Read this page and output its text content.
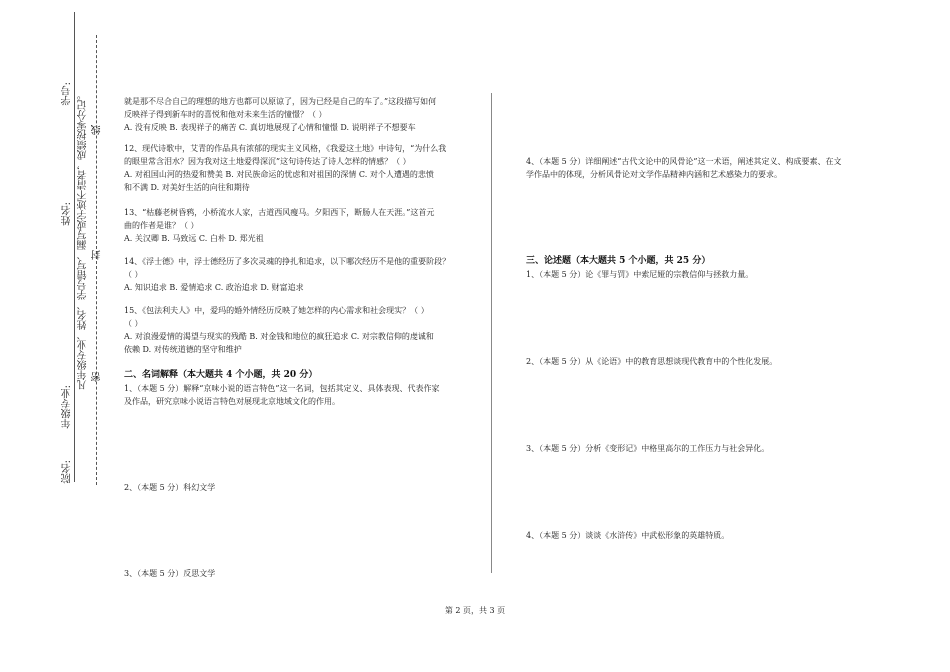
学号:
姓名:
年级专业:
院名:
凡年级专业、姓名、学号错写、漏写或字迹不清者，成绩按零分记。 密
封
线

就是那不尽合自己的理想的地方也都可以原谅了，因为已经是自己的车了。”这段描写如何

反映祥子得到新车时的喜悦和他对未来生活的憧憬？（ ）

A. 没有反映 B. 表现祥子的痛苦 C. 真切地展现了心情和憧憬 D. 说明祥子不想要车

12、现代诗歌中，艾青的作品具有浓郁的现实主义风格，《我爱这土地》中诗句，“为什么我

的眼里常含泪水？因为我对这土地爱得深沉”这句诗传达了诗人怎样的情感？（ ）

A. 对祖国山河的热爱和赞美 B. 对民族命运的忧虑和对祖国的深情 C. 对个人遭遇的悲愤

和不满 D. 对美好生活的向往和期待

13、“枯藤老树昏鸦，小桥流水人家，古道西风瘦马。夕阳西下，断肠人在天涯。”这首元

曲的作者是谁？（ ）

A. 关汉卿 B. 马致远 C. 白朴 D. 郑光祖

14、《浮士德》中，浮士德经历了多次灵魂的挣扎和追求，以下哪次经历不是他的重要阶段？

（ ）

A. 知识追求 B. 爱情追求 C. 政治追求 D. 财富追求

15、《包法利夫人》中，爱玛的婚外情经历反映了她怎样的内心需求和社会现实？（ ）

（ ）

A. 对浪漫爱情的渴望与现实的残酷 B. 对金钱和地位的疯狂追求 C. 对宗教信仰的虔诚和

依赖 D. 对传统道德的坚守和维护

二、名词解释（本大题共 4 个小题，共 20 分）

1、（本题 5 分）解释“京味小说的语言特色”这一名词，包括其定义、具体表现、代表作家

及作品，研究京味小说语言特色对展现北京地域文化的作用。

2、（本题 5 分）科幻文学
3、（本题 5 分）反思文学

4、（本题 5 分）详细阐述“古代文论中的风骨论”这一术语，阐述其定义、构成要素、在文

学作品中的体现，分析风骨论对文学作品精神内涵和艺术感染力的要求。

三、论述题（本大题共 5 个小题，共 25 分）
1、（本题 5 分）论《罪与罚》中索尼娅的宗教信仰与拯救力量。
2、（本题 5 分）从《论语》中的教育思想谈现代教育中的个性化发展。
3、（本题 5 分）分析《变形记》中格里高尔的工作压力与社会异化。
4、（本题 5 分）谈谈《水浒传》中武松形象的英雄特质。
第 2 页，共 3 页
